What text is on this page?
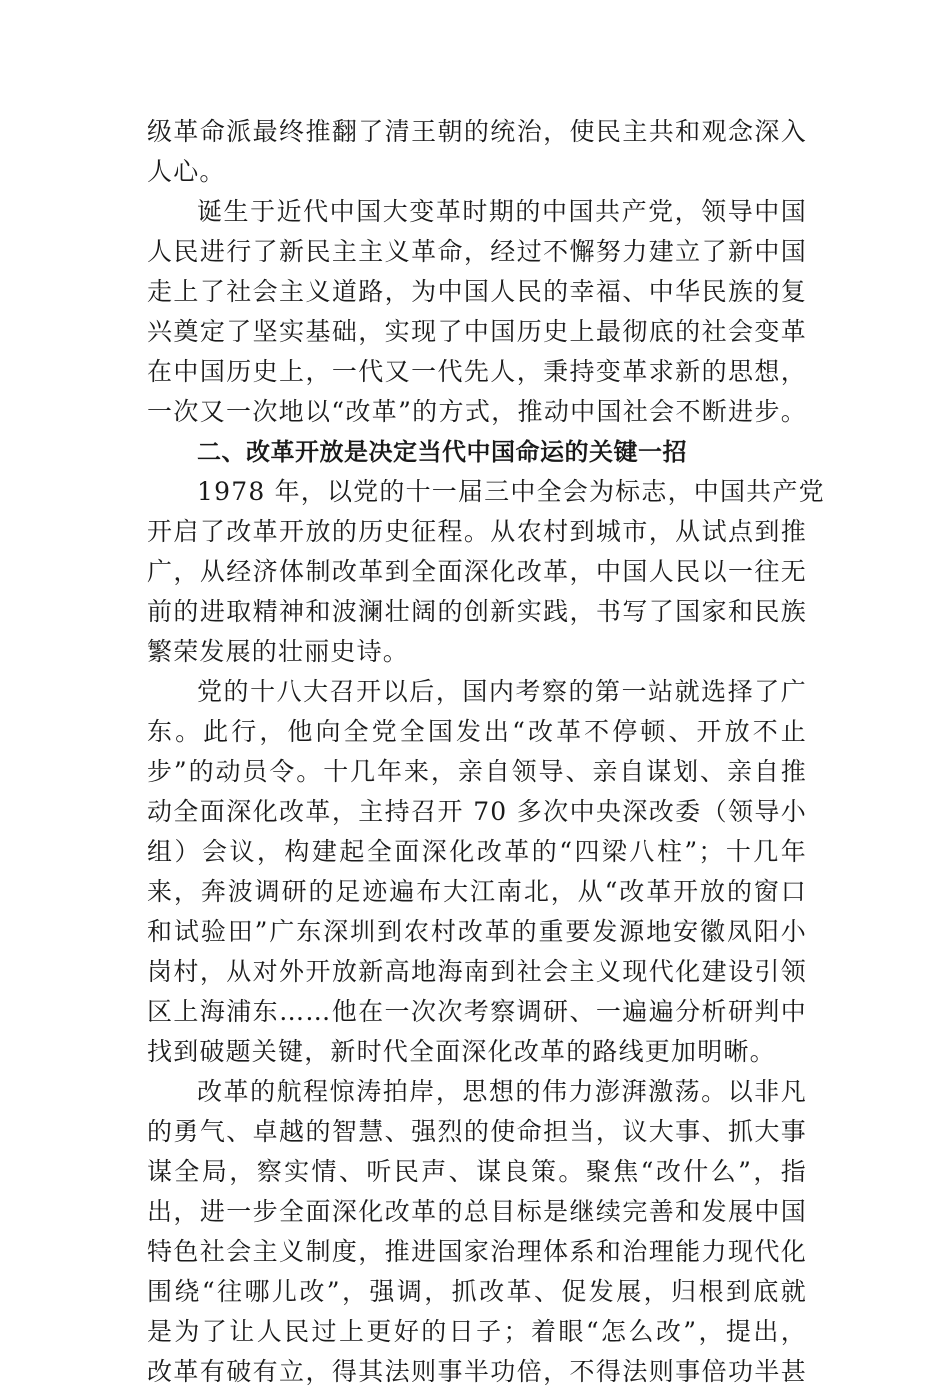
级革命派最终推翻了清王朝的统治，使民主共和观念深入
人心。
诞生于近代中国大变革时期的中国共产党，领导中国
人民进行了新民主主义革命，经过不懈努力建立了新中国
走上了社会主义道路，为中国人民的幸福、中华民族的复
兴奠定了坚实基础，实现了中国历史上最彻底的社会变革
在中国历史上，一代又一代先人，秉持变革求新的思想，
一次又一次地以“改革”的方式，推动中国社会不断进步。
二、改革开放是决定当代中国命运的关键一招
1978 年，以党的十一届三中全会为标志，中国共产党
开启了改革开放的历史征程。从农村到城市，从试点到推
广，从经济体制改革到全面深化改革，中国人民以一往无
前的进取精神和波澜壮阔的创新实践，书写了国家和民族
繁荣发展的壮丽史诗。
党的十八大召开以后，国内考察的第一站就选择了广
东。此行，他向全党全国发出“改革不停顿、开放不止
步”的动员令。十几年来，亲自领导、亲自谋划、亲自推
动全面深化改革，主持召开 70 多次中央深改委（领导小
组）会议，构建起全面深化改革的“四梁八柱”；十几年
来，奔波调研的足迹遍布大江南北，从“改革开放的窗口
和试验田”广东深圳到农村改革的重要发源地安徽凤阳小
岗村，从对外开放新高地海南到社会主义现代化建设引领
区上海浦东……他在一次次考察调研、一遍遍分析研判中
找到破题关键，新时代全面深化改革的路线更加明晰。
改革的航程惊涛拍岸，思想的伟力澎湃激荡。以非凡
的勇气、卓越的智慧、强烈的使命担当，议大事、抓大事
谋全局，察实情、听民声、谋良策。聚焦“改什么”，指
出，进一步全面深化改革的总目标是继续完善和发展中国
特色社会主义制度，推进国家治理体系和治理能力现代化
围绕“往哪儿改”，强调，抓改革、促发展，归根到底就
是为了让人民过上更好的日子；着眼“怎么改”，提出，
改革有破有立，得其法则事半功倍，不得法则事倍功半甚
